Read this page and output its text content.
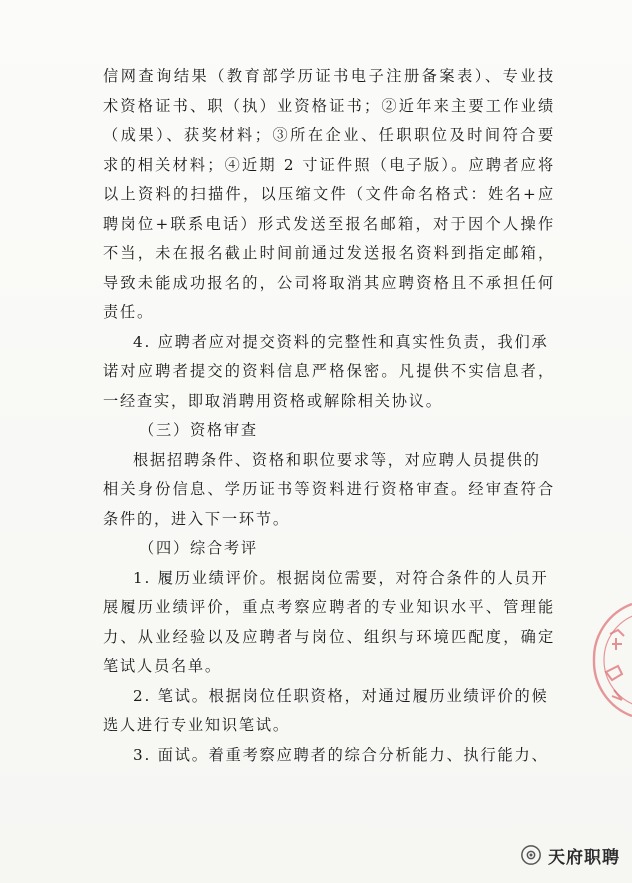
信网查询结果（教育部学历证书电子注册备案表）、专业技
术资格证书、职（执）业资格证书；②近年来主要工作业绩
（成果）、获奖材料；③所在企业、任职职位及时间符合要
求的相关材料；④近期 2 寸证件照（电子版）。应聘者应将
以上资料的扫描件，以压缩文件（文件命名格式：姓名+应
聘岗位+联系电话）形式发送至报名邮箱，对于因个人操作
不当，未在报名截止时间前通过发送报名资料到指定邮箱，
导致未能成功报名的，公司将取消其应聘资格且不承担任何
责任。
4. 应聘者应对提交资料的完整性和真实性负责，我们承
诺对应聘者提交的资料信息严格保密。凡提供不实信息者，
一经查实，即取消聘用资格或解除相关协议。
（三）资格审查
根据招聘条件、资格和职位要求等，对应聘人员提供的
相关身份信息、学历证书等资料进行资格审查。经审查符合
条件的，进入下一环节。
（四）综合考评
1. 履历业绩评价。根据岗位需要，对符合条件的人员开
展履历业绩评价，重点考察应聘者的专业知识水平、管理能
力、从业经验以及应聘者与岗位、组织与环境匹配度，确定
笔试人员名单。
2. 笔试。根据岗位任职资格，对通过履历业绩评价的候
选人进行专业知识笔试。
3. 面试。着重考察应聘者的综合分析能力、执行能力、
天府职聘
